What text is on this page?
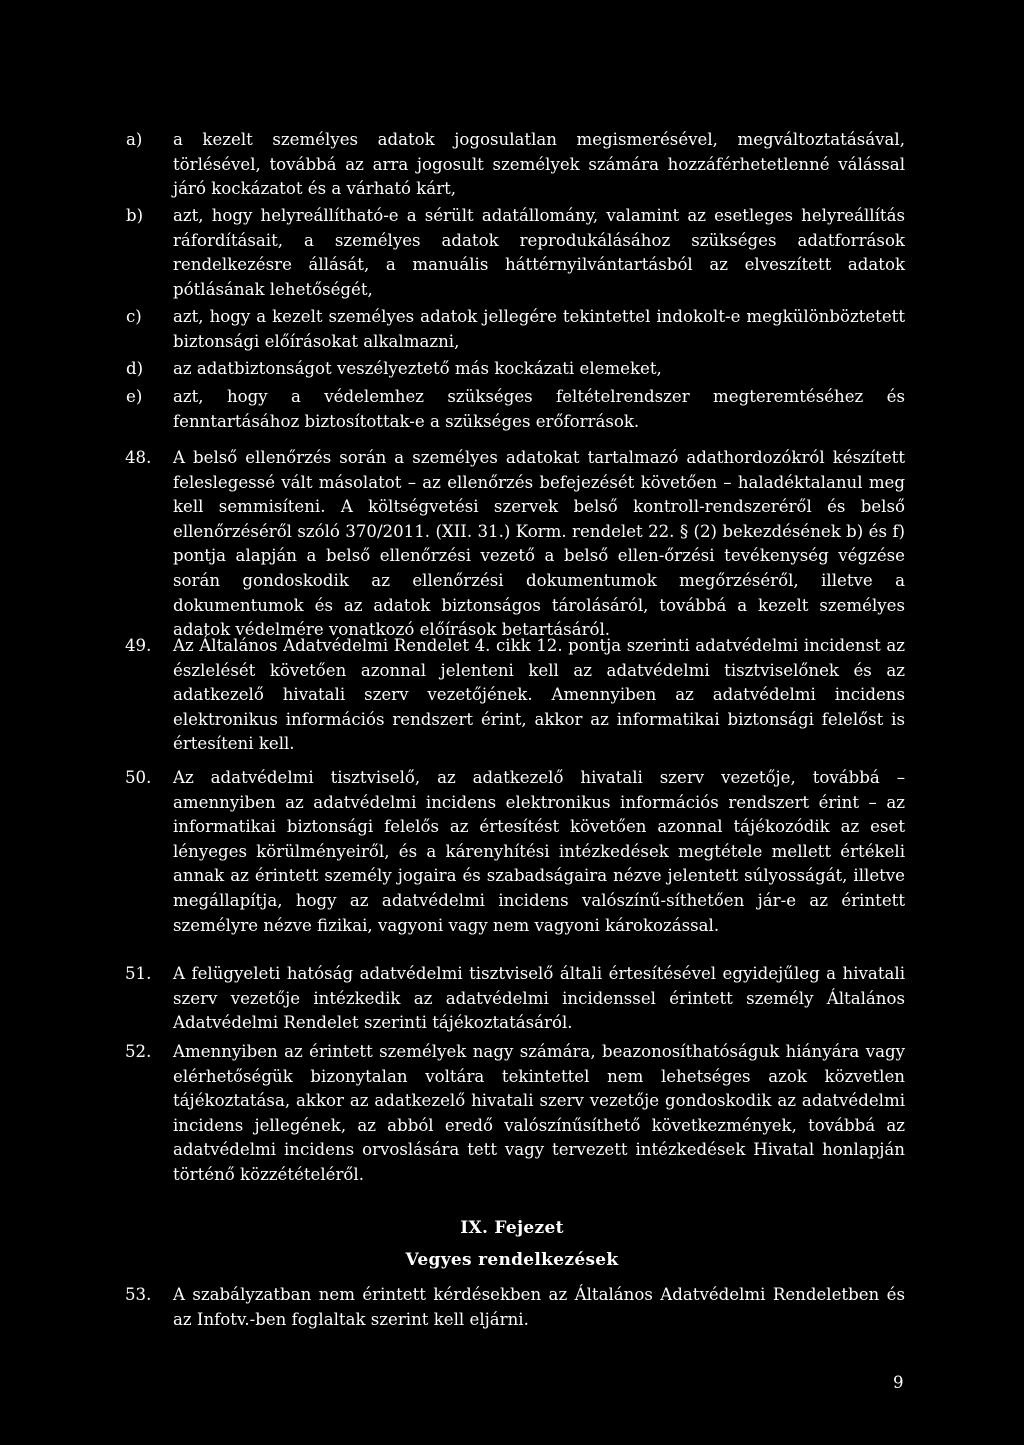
a) a kezelt személyes adatok jogosulatlan megismerésével, megváltoztatásával, törlésével, továbbá az arra jogosult személyek számára hozzáférhetetlenné válással járó kockázatot és a várható kárt,
b) azt, hogy helyreállítható-e a sérült adatállomány, valamint az esetleges helyreállítás ráfordításait, a személyes adatok reprodukálásához szükséges adatforrások rendelkezésre állását, a manuális háttérnyilvántartásból az elveszített adatok pótlásának lehetőségét,
c) azt, hogy a kezelt személyes adatok jellegére tekintettel indokolt-e megkülönböztetett biztonsági előírásokat alkalmazni,
d) az adatbiztonságot veszélyeztető más kockázati elemeket,
e) azt, hogy a védelemhez szükséges feltételrendszer megteremtéséhez és fenntartásához biztosítottak-e a szükséges erőforrások.
48. A belső ellenőrzés során a személyes adatokat tartalmazó adathordozókról készített feleslegessé vált másolatot – az ellenőrzés befejezését követően – haladéktalanul meg kell semmisíteni. A költségvetési szervek belső kontroll-rendszeréről és belső ellenőrzéséről szóló 370/2011. (XII. 31.) Korm. rendelet 22. § (2) bekezdésének b) és f) pontja alapján a belső ellenőrzési vezető a belső ellen-őrzési tevékenység végzése során gondoskodik az ellenőrzési dokumentumok megőrzéséről, illetve a dokumentumok és az adatok biztonságos tárolásáról, továbbá a kezelt személyes adatok védelmére vonatkozó előírások betartásáról.
49. Az Általános Adatvédelmi Rendelet 4. cikk 12. pontja szerinti adatvédelmi incidenst az észlelését követően azonnal jelenteni kell az adatvédelmi tisztviselőnek és az adatkezelő hivatali szerv vezetőjének. Amennyiben az adatvédelmi incidens elektronikus információs rendszert érint, akkor az informatikai biztonsági felelőst is értesíteni kell.
50. Az adatvédelmi tisztviselő, az adatkezelő hivatali szerv vezetője, továbbá – amennyiben az adatvédelmi incidens elektronikus információs rendszert érint – az informatikai biztonsági felelős az értesítést követően azonnal tájékozódik az eset lényeges körülményeiről, és a kárenyhítési intézkedések megtétele mellett értékeli annak az érintett személy jogaira és szabadságaira nézve jelentett súlyosságát, illetve megállapítja, hogy az adatvédelmi incidens valószínű-síthetően jár-e az érintett személyre nézve fizikai, vagyoni vagy nem vagyoni károkozással.
51. A felügyeleti hatóság adatvédelmi tisztviselő általi értesítésével egyidejűleg a hivatali szerv vezetője intézkedik az adatvédelmi incidenssel érintett személy Általános Adatvédelmi Rendelet szerinti tájékoztatásáról.
52. Amennyiben az érintett személyek nagy számára, beazonosíthatóságuk hiányára vagy elérhetőségük bizonytalan voltára tekintettel nem lehetséges azok közvetlen tájékoztatása, akkor az adatkezelő hivatali szerv vezetője gondoskodik az adatvédelmi incidens jellegének, az abból eredő valószínűsíthető következmények, továbbá az adatvédelmi incidens orvoslására tett vagy tervezett intézkedések Hivatal honlapján történő közzétételéről.
IX. Fejezet
Vegyes rendelkezések
53. A szabályzatban nem érintett kérdésekben az Általános Adatvédelmi Rendeletben és az Infotv.-ben foglaltak szerint kell eljárni.
9
